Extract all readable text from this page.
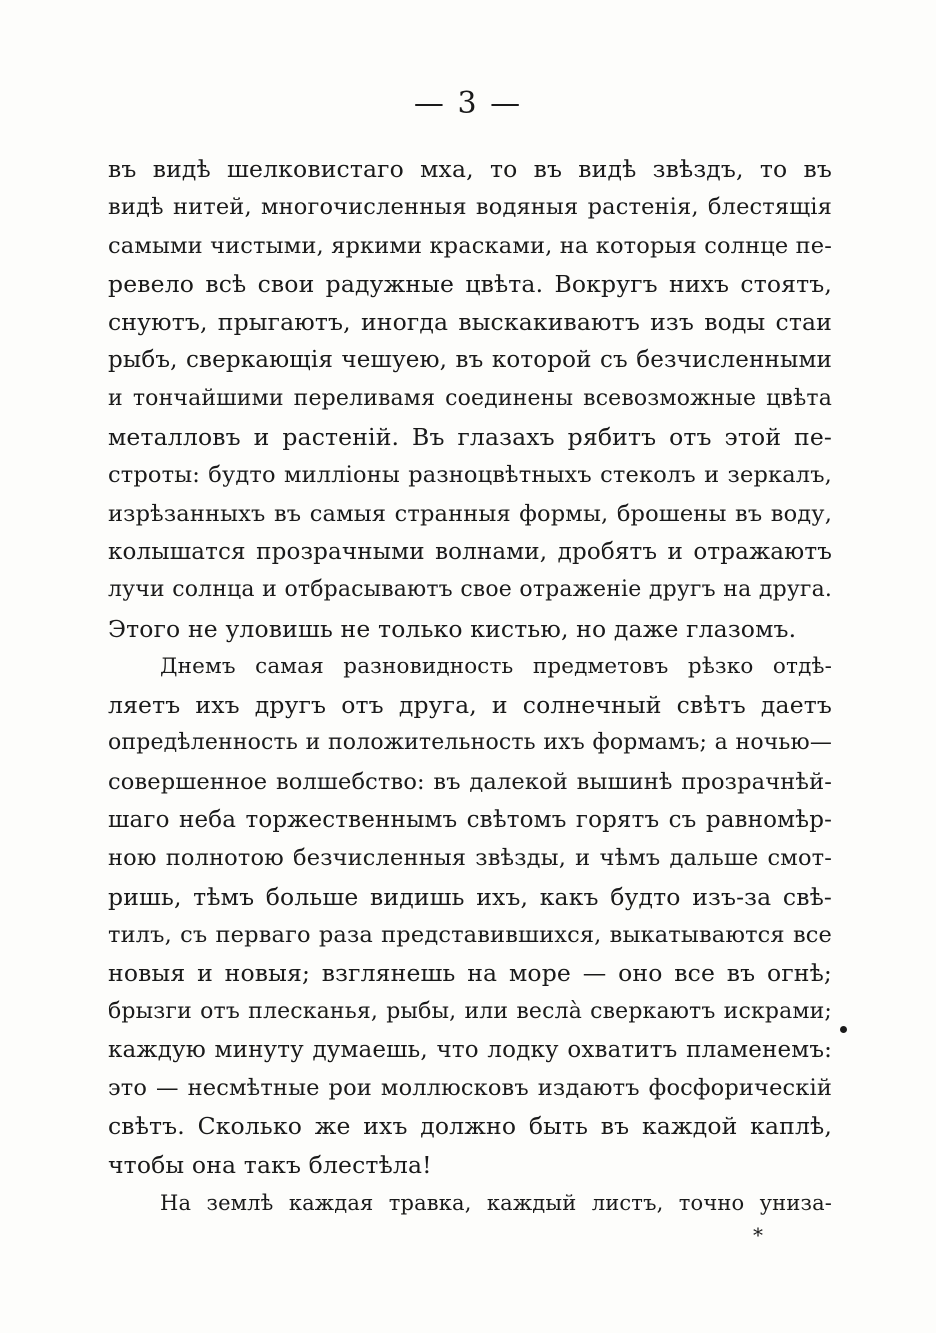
— 3 —
въ видѣ шелковистаго мха, то въ видѣ звѣздъ, то въ
видѣ нитей, многочисленныя водяныя растенія, блестящія
самыми чистыми, яркими красками, на которыя солнце пе-
ревело всѣ свои радужные цвѣта. Вокругъ нихъ стоятъ,
снуютъ, прыгаютъ, иногда выскакиваютъ изъ воды стаи
рыбъ, сверкающія чешуею, въ которой съ безчисленными
и тончайшими переливамя соединены всевозможные цвѣта
металловъ и растеній. Въ глазахъ рябитъ отъ этой пе-
строты: будто милліоны разноцвѣтныхъ стеколъ и зеркалъ,
изрѣзанныхъ въ самыя странныя формы, брошены въ воду,
колышатся прозрачными волнами, дробятъ и отражаютъ
лучи солнца и отбрасываютъ свое отраженіе другъ на друга.
Этого не уловишь не только кистью, но даже глазомъ.
Днемъ самая разновидность предметовъ рѣзко отдѣ-
ляетъ ихъ другъ отъ друга, и солнечный свѣтъ даетъ
опредѣленность и положительность ихъ формамъ; а ночью—
совершенное волшебство: въ далекой вышинѣ прозрачнѣй-
шаго неба торжественнымъ свѣтомъ горятъ съ равномѣр-
ною полнотою безчисленныя звѣзды, и чѣмъ дальше смот-
ришь, тѣмъ больше видишь ихъ, какъ будто изъ-за свѣ-
тилъ, съ перваго раза представившихся, выкатываются все
новыя и новыя; взглянешь на море — оно все въ огнѣ;
брызги отъ плесканья, рыбы, или веслà сверкаютъ искрами;
каждую минуту думаешь, что лодку охватитъ пламенемъ:
это — несмѣтные рои моллюсковъ издаютъ фосфорическій
свѣтъ. Сколько же ихъ должно быть въ каждой каплѣ,
чтобы она такъ блестѣла!
На землѣ каждая травка, каждый листъ, точно униза-
*
